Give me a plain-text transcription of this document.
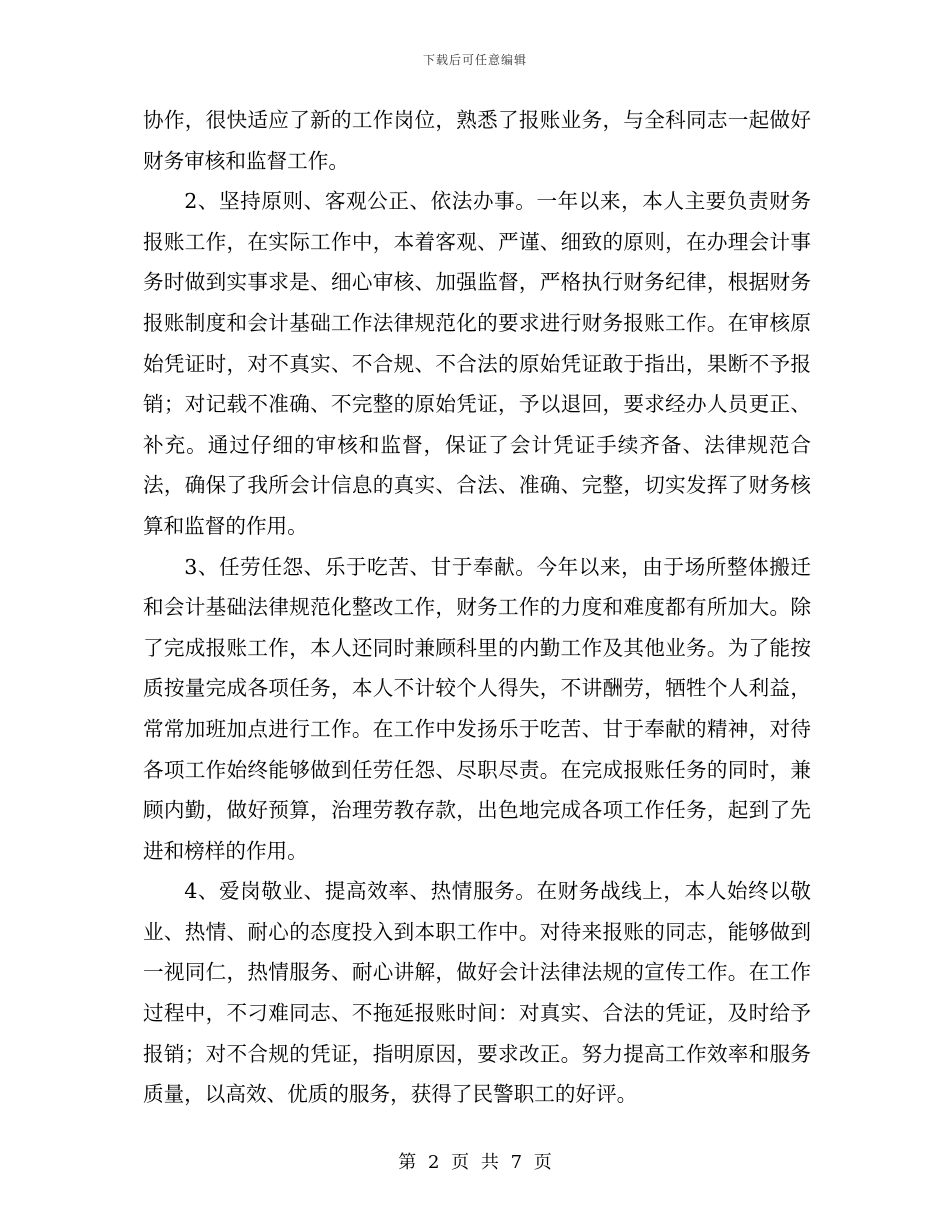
下载后可任意编辑

协作，很快适应了新的工作岗位，熟悉了报账业务，与全科同志一起做好财务审核和监督工作。

2、坚持原则、客观公正、依法办事。一年以来，本人主要负责财务报账工作，在实际工作中，本着客观、严谨、细致的原则，在办理会计事务时做到实事求是、细心审核、加强监督，严格执行财务纪律，根据财务报账制度和会计基础工作法律规范化的要求进行财务报账工作。在审核原始凭证时，对不真实、不合规、不合法的原始凭证敢于指出，果断不予报销；对记载不准确、不完整的原始凭证，予以退回，要求经办人员更正、补充。通过仔细的审核和监督，保证了会计凭证手续齐备、法律规范合法，确保了我所会计信息的真实、合法、准确、完整，切实发挥了财务核算和监督的作用。

3、任劳任怨、乐于吃苦、甘于奉献。今年以来，由于场所整体搬迁和会计基础法律规范化整改工作，财务工作的力度和难度都有所加大。除了完成报账工作，本人还同时兼顾科里的内勤工作及其他业务。为了能按质按量完成各项任务，本人不计较个人得失，不讲酬劳，牺牲个人利益，常常加班加点进行工作。在工作中发扬乐于吃苦、甘于奉献的精神，对待各项工作始终能够做到任劳任怨、尽职尽责。在完成报账任务的同时，兼顾内勤，做好预算，治理劳教存款，出色地完成各项工作任务，起到了先进和榜样的作用。

4、爱岗敬业、提高效率、热情服务。在财务战线上，本人始终以敬业、热情、耐心的态度投入到本职工作中。对待来报账的同志，能够做到一视同仁，热情服务、耐心讲解，做好会计法律法规的宣传工作。在工作过程中，不刁难同志、不拖延报账时间：对真实、合法的凭证，及时给予报销；对不合规的凭证，指明原因，要求改正。努力提高工作效率和服务质量，以高效、优质的服务，获得了民警职工的好评。

第 2 页 共 7 页
